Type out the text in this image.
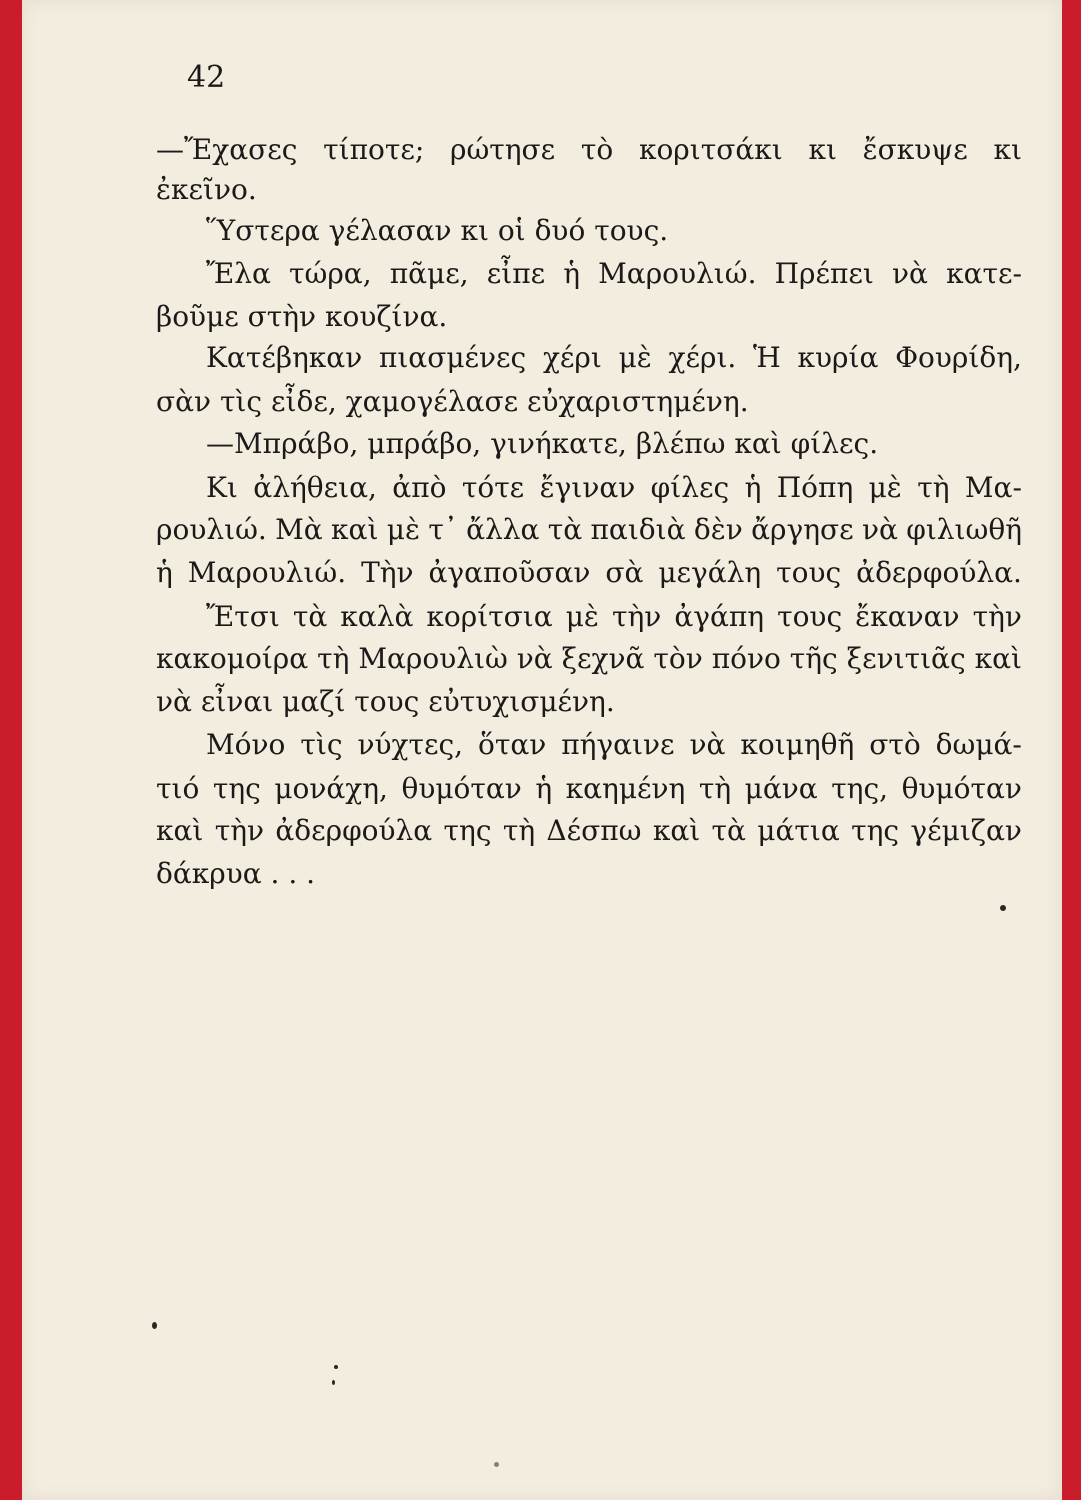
42

—Ἔχασες τίποτε; ρώτησε τὸ κοριτσάκι κι ἔσκυψε κι

ἐκεῖνο.

Ὕστερα γέλασαν κι οἱ δυό τους.

Ἔλα τώρα, πᾶμε, εἶπε ἡ Μαρουλιώ. Πρέπει νὰ κατε-

βοῦμε στὴν κουζίνα.

Κατέβηκαν πιασμένες χέρι μὲ χέρι. Ἡ κυρία Φουρίδη,

σὰν τὶς εἶδε, χαμογέλασε εὐχαριστημένη.

—Μπράβο, μπράβο, γινήκατε, βλέπω καὶ φίλες.

Κι ἀλήθεια, ἀπὸ τότε ἔγιναν φίλες ἡ Πόπη μὲ τὴ Μα-

ρουλιώ. Μὰ καὶ μὲ τ᾿ ἄλλα τὰ παιδιὰ δὲν ἄργησε νὰ φιλιωθῆ

ἡ Μαρουλιώ. Τὴν ἀγαποῦσαν σὰ μεγάλη τους ἀδερφούλα.

Ἔτσι τὰ καλὰ κορίτσια μὲ τὴν ἀγάπη τους ἔκαναν τὴν

κακομοίρα τὴ Μαρουλιὼ νὰ ξεχνᾶ τὸν πόνο τῆς ξενιτιᾶς καὶ

νὰ εἶναι μαζί τους εὐτυχισμένη.

Μόνο τὶς νύχτες, ὅταν πήγαινε νὰ κοιμηθῆ στὸ δωμά-

τιό της μονάχη, θυμόταν ἡ καημένη τὴ μάνα της, θυμόταν

καὶ τὴν ἀδερφούλα της τὴ Δέσπω καὶ τὰ μάτια της γέμιζαν

δάκρυα . . .
